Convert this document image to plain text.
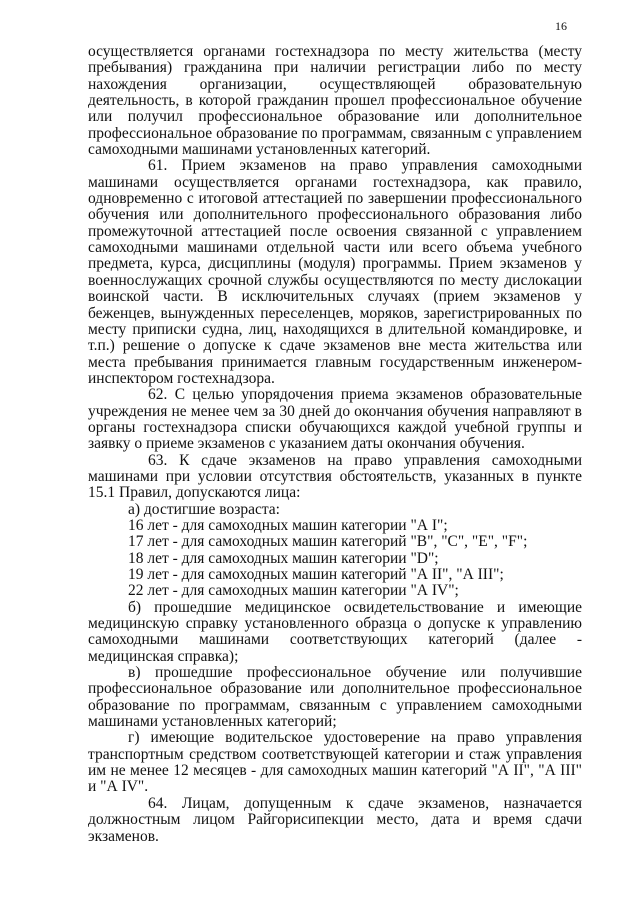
16

осуществляется органами гостехнадзора по месту жительства (месту пребывания) гражданина при наличии регистрации либо по месту нахождения организации, осуществляющей образовательную деятельность, в которой гражданин прошел профессиональное обучение или получил профессиональное образование или дополнительное профессиональное образование по программам, связанным с управлением самоходными машинами установленных категорий.

61. Прием экзаменов на право управления самоходными машинами осуществляется органами гостехнадзора, как правило, одновременно с итоговой аттестацией по завершении профессионального обучения или дополнительного профессионального образования либо промежуточной аттестацией после освоения связанной с управлением самоходными машинами отдельной части или всего объема учебного предмета, курса, дисциплины (модуля) программы. Прием экзаменов у военнослужащих срочной службы осуществляются по месту дислокации воинской части. В исключительных случаях (прием экзаменов у беженцев, вынужденных переселенцев, моряков, зарегистрированных по месту приписки судна, лиц, находящихся в длительной командировке, и т.п.) решение о допуске к сдаче экзаменов вне места жительства или места пребывания принимается главным государственным инженером-инспектором гостехнадзора.

62. С целью упорядочения приема экзаменов образовательные учреждения не менее чем за 30 дней до окончания обучения направляют в органы гостехнадзора списки обучающихся каждой учебной группы и заявку о приеме экзаменов с указанием даты окончания обучения.

63. К сдаче экзаменов на право управления самоходными машинами при условии отсутствия обстоятельств, указанных в пункте 15.1 Правил, допускаются лица:

а) достигшие возраста:

16 лет - для самоходных машин категории "А I";

17 лет - для самоходных машин категорий "В", "С", "Е", "F";

18 лет - для самоходных машин категории "D";

19 лет - для самоходных машин категорий "А II", "А III";

22 лет - для самоходных машин категории "А IV";

б) прошедшие медицинское освидетельствование и имеющие медицинскую справку установленного образца о допуске к управлению самоходными машинами соответствующих категорий (далее - медицинская справка);

в) прошедшие профессиональное обучение или получившие профессиональное образование или дополнительное профессиональное образование по программам, связанным с управлением самоходными машинами установленных категорий;

г) имеющие водительское удостоверение на право управления транспортным средством соответствующей категории и стаж управления им не менее 12 месяцев - для самоходных машин категорий "А II", "А III" и "А IV".

64. Лицам, допущенным к сдаче экзаменов, назначается должностным лицом Райгорисипекции место, дата и время сдачи экзаменов.
